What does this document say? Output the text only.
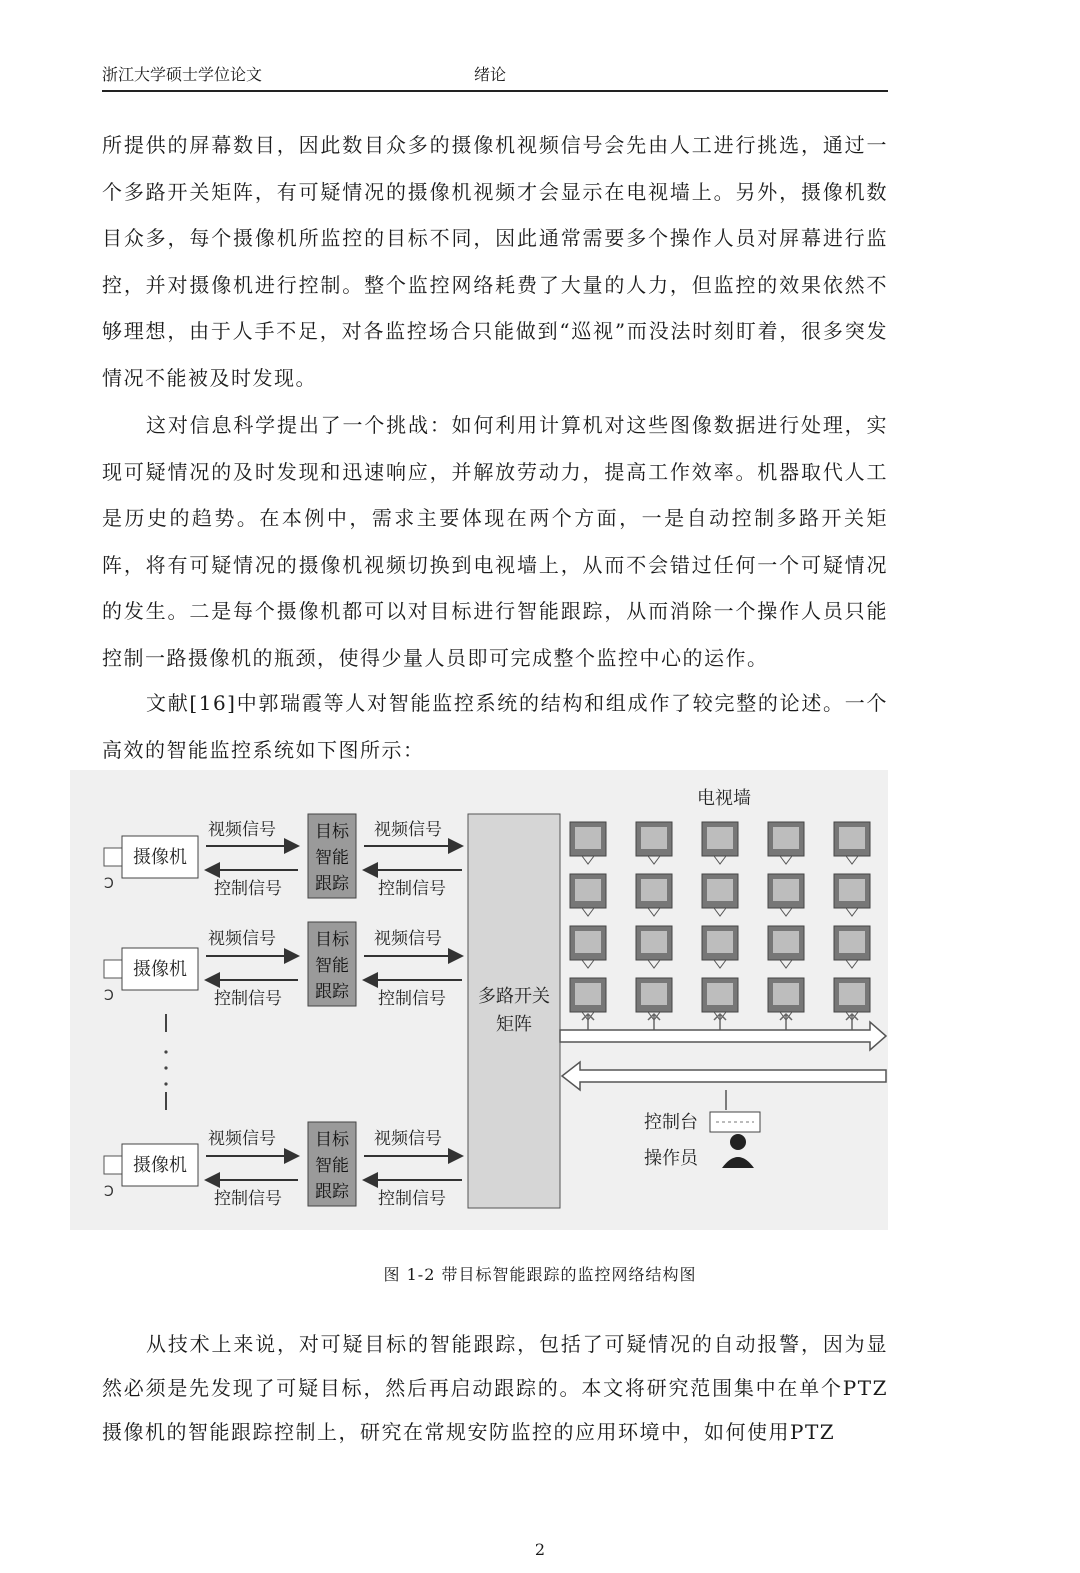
浙江大学硕士学位论文	绪论

所提供的屏幕数目，因此数目众多的摄像机视频信号会先由人工进行挑选，通过一个多路开关矩阵，有可疑情况的摄像机视频才会显示在电视墙上。另外，摄像机数目众多，每个摄像机所监控的目标不同，因此通常需要多个操作人员对屏幕进行监控，并对摄像机进行控制。整个监控网络耗费了大量的人力，但监控的效果依然不够理想，由于人手不足，对各监控场合只能做到“巡视”而没法时刻盯着，很多突发情况不能被及时发现。

这对信息科学提出了一个挑战：如何利用计算机对这些图像数据进行处理，实现可疑情况的及时发现和迅速响应，并解放劳动力，提高工作效率。机器取代人工是历史的趋势。在本例中，需求主要体现在两个方面，一是自动控制多路开关矩阵，将有可疑情况的摄像机视频切换到电视墙上，从而不会错过任何一个可疑情况的发生。二是每个摄像机都可以对目标进行智能跟踪，从而消除一个操作人员只能控制一路摄像机的瓶颈，使得少量人员即可完成整个监控中心的运作。

文献[16]中郭瑞霞等人对智能监控系统的结构和组成作了较完整的论述。一个高效的智能监控系统如下图所示：

摄像机
Ͻ
视频信号
控制信号
目标
智能
跟踪
视频信号
控制信号
摄像机
Ͻ
视频信号
控制信号
目标
智能
跟踪
视频信号
控制信号
摄像机
Ͻ
视频信号
控制信号
目标
智能
跟踪
视频信号
控制信号
多路开关
矩阵
电视墙
控制台
操作员
图 1-2 带目标智能跟踪的监控网络结构图

从技术上来说，对可疑目标的智能跟踪，包括了可疑情况的自动报警，因为显然必须是先发现了可疑目标，然后再启动跟踪的。本文将研究范围集中在单个PTZ摄像机的智能跟踪控制上，研究在常规安防监控的应用环境中，如何使用PTZ

2
